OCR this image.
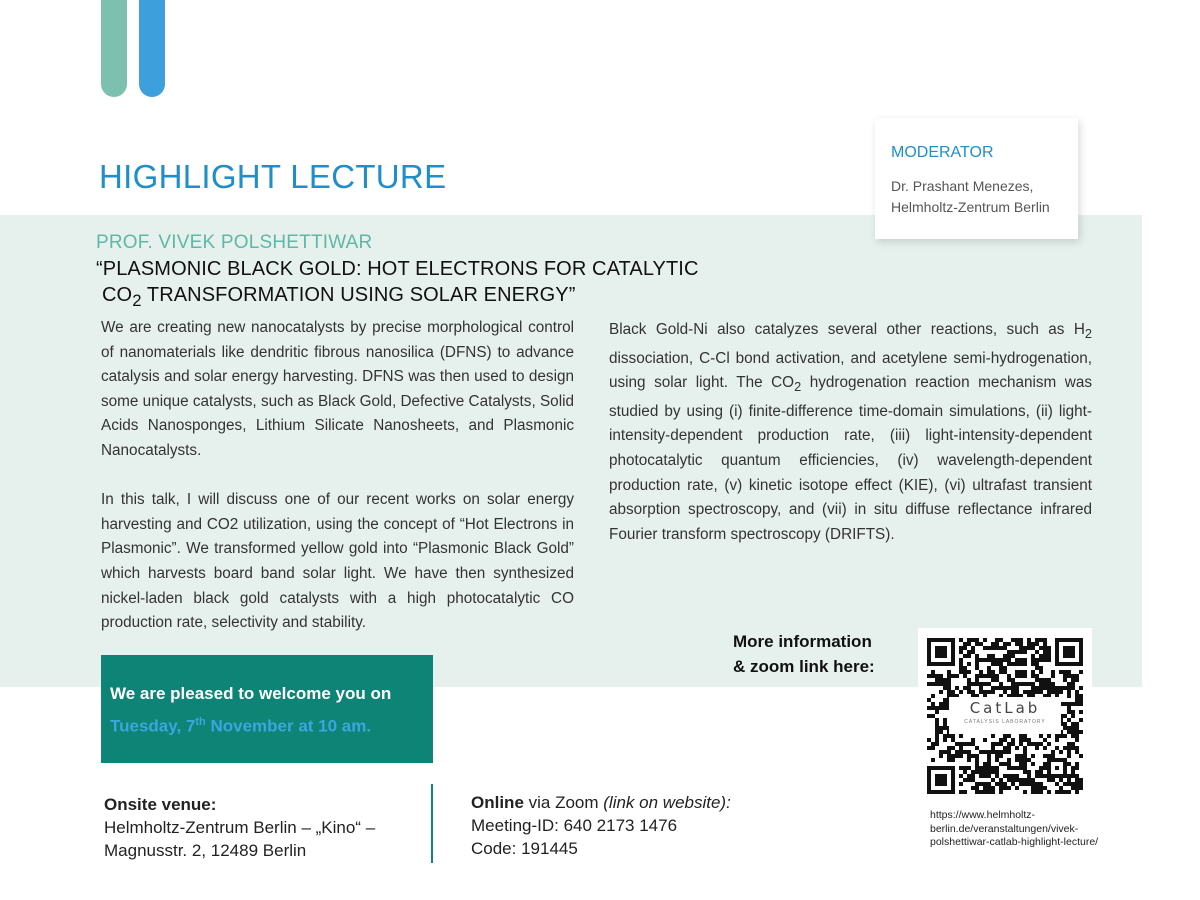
HIGHLIGHT LECTURE
MODERATOR
Dr. Prashant Menezes,
Helmholtz-Zentrum Berlin
PROF. VIVEK POLSHETTIWAR
“PLASMONIC BLACK GOLD: HOT ELECTRONS FOR CATALYTIC
$CO_2$ TRANSFORMATION USING SOLAR ENERGY”

We are creating new nanocatalysts by precise morphological control of nanomaterials like dendritic fibrous nanosilica (DFNS) to advance catalysis and solar energy harvesting. DFNS was then used to design some unique catalysts, such as Black Gold, Defective Catalysts, Solid Acids Nanosponges, Lithium Silicate Nanosheets, and Plasmonic Nanocatalysts.

In this talk, I will discuss one of our recent works on solar energy harvesting and CO2 utilization, using the concept of “Hot Electrons in Plasmonic”. We transformed yellow gold into “Plasmonic Black Gold” which harvests board band solar light. We have then synthesized nickel-laden black gold catalysts with a high photocatalytic CO production rate, selectivity and stability.

Black Gold-Ni also catalyzes several other reactions, such as $H_2$ dissociation, C-Cl bond activation, and acetylene semi-hydrogenation, using solar light. The $CO_2$ hydrogenation reaction mechanism was studied by using (i) finite-difference time-domain simulations, (ii) light-intensity-dependent production rate, (iii) light-intensity-dependent photocatalytic quantum efficiencies, (iv) wavelength-dependent production rate, (v) kinetic isotope effect (KIE), (vi) ultrafast transient absorption spectroscopy, and (vii) in situ diffuse reflectance infrared Fourier transform spectroscopy (DRIFTS).

We are pleased to welcome you on
Tuesday, 7th November at 10 am.
More information
& zoom link here:
CatLab
CATALYSIS LABORATORY
https://www.helmholtz-berlin.de/veranstaltungen/vivek-polshettiwar-catlab-highlight-lecture/
Onsite venue:
Helmholtz-Zentrum Berlin – „Kino“ –
Magnusstr. 2, 12489 Berlin
Online via Zoom (link on website):
Meeting-ID: 640 2173 1476
Code: 191445
